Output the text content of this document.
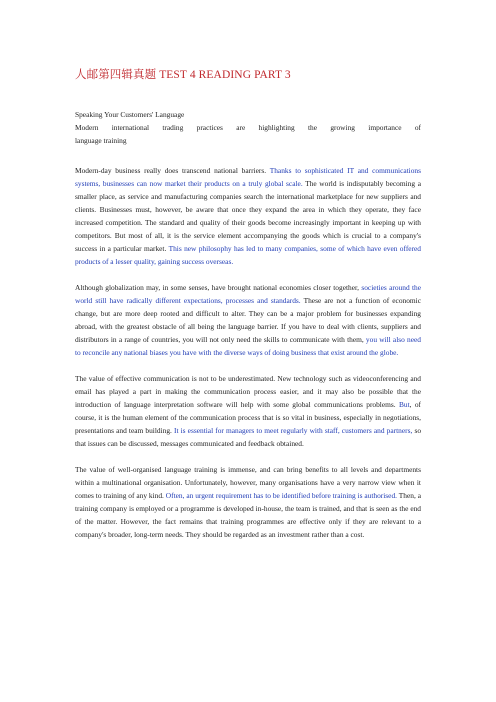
人邮第四辑真题 TEST 4 READING PART 3
Speaking Your Customers' Language
Modern international trading practices are highlighting the growing importance of
language training

Modern-day business really does transcend national barriers. Thanks to sophisticated IT and communications systems, businesses can now market their products on a truly global scale. The world is indisputably becoming a smaller place, as service and manufacturing companies search the international marketplace for new suppliers and clients. Businesses must, however, be aware that once they expand the area in which they operate, they face increased competition. The standard and quality of their goods become increasingly important in keeping up with competitors. But most of all, it is the service element accompanying the goods which is crucial to a company's success in a particular market. This new philosophy has led to many companies, some of which have even offered products of a lesser quality, gaining success overseas.

Although globalization may, in some senses, have brought national economies closer together, societies around the world still have radically different expectations, processes and standards. These are not a function of economic change, but are more deep rooted and difficult to alter. They can be a major problem for businesses expanding abroad, with the greatest obstacle of all being the language barrier. If you have to deal with clients, suppliers and distributors in a range of countries, you will not only need the skills to communicate with them, you will also need to reconcile any national biases you have with the diverse ways of doing business that exist around the globe.

The value of effective communication is not to be underestimated. New technology such as videoconferencing and email has played a part in making the communication process easier, and it may also be possible that the introduction of language interpretation software will help with some global communications problems. But, of course, it is the human element of the communication process that is so vital in business, especially in negotiations, presentations and team building. It is essential for managers to meet regularly with staff, customers and partners, so that issues can be discussed, messages communicated and feedback obtained.

The value of well-organised language training is immense, and can bring benefits to all levels and departments within a multinational organisation. Unfortunately, however, many organisations have a very narrow view when it comes to training of any kind. Often, an urgent requirement has to be identified before training is authorised. Then, a training company is employed or a programme is developed in-house, the team is trained, and that is seen as the end of the matter. However, the fact remains that training programmes are effective only if they are relevant to a company's broader, long-term needs. They should be regarded as an investment rather than a cost.
